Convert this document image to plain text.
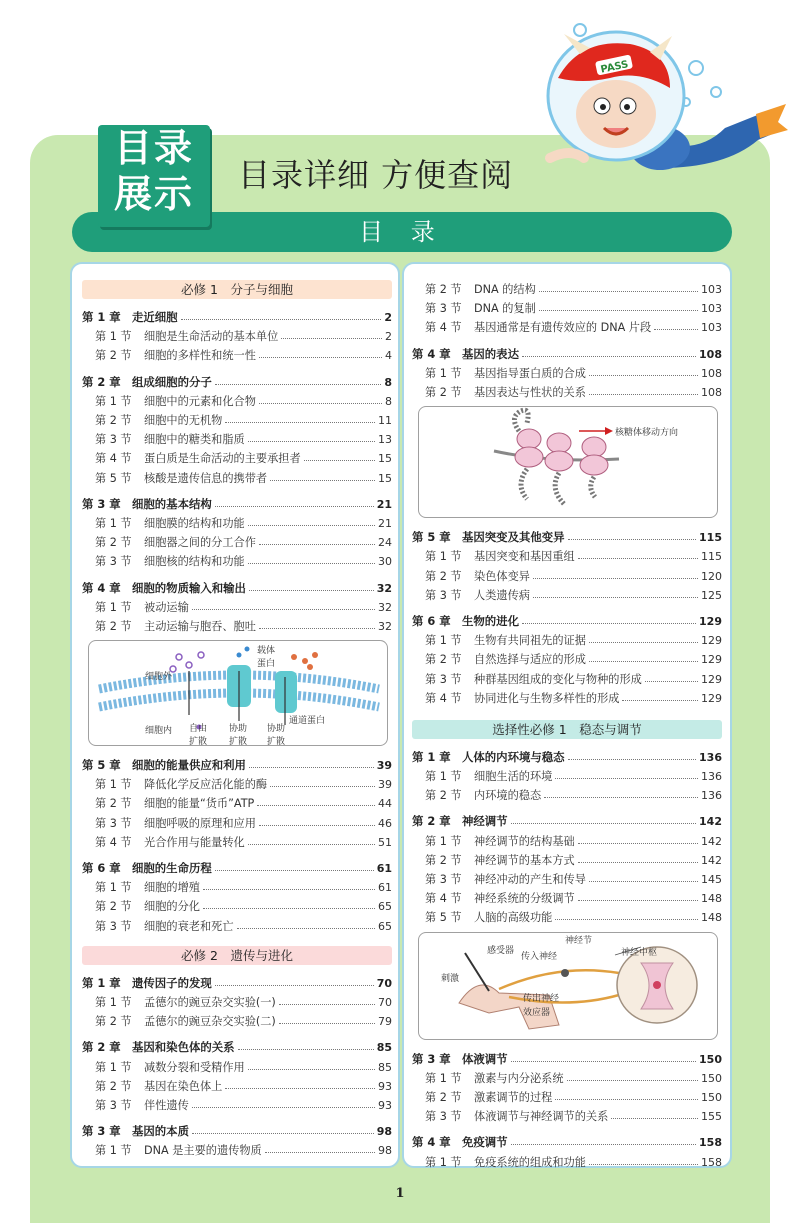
目录
展示	目录详细 方便查阅
PASS
目 录
必修 1　分子与细胞
第 1 章 走近细胞	2
第 1 节	细胞是生命活动的基本单位	2
第 2 节	细胞的多样性和统一性	4
第 2 章 组成细胞的分子	8
第 1 节	细胞中的元素和化合物	8
第 2 节	细胞中的无机物	11
第 3 节	细胞中的糖类和脂质	13
第 4 节	蛋白质是生命活动的主要承担者	15
第 5 节	核酸是遗传信息的携带者	15
第 3 章 细胞的基本结构	21
第 1 节	细胞膜的结构和功能	21
第 2 节	细胞器之间的分工合作	24
第 3 节	细胞核的结构和功能	30
第 4 章 细胞的物质输入和输出	32
第 1 节	被动运输	32
第 2 节	主动运输与胞吞、胞吐	32
细胞外
细胞内
载体
蛋白
通道蛋白
自由
扩散
协助
扩散
协助
扩散
第 5 章 细胞的能量供应和利用	39
第 1 节	降低化学反应活化能的酶	39
第 2 节	细胞的能量“货币”ATP	44
第 3 节	细胞呼吸的原理和应用	46
第 4 节	光合作用与能量转化	51
第 6 章 细胞的生命历程	61
第 1 节	细胞的增殖	61
第 2 节	细胞的分化	65
第 3 节	细胞的衰老和死亡	65
必修 2　遗传与进化
第 1 章 遗传因子的发现	70
第 1 节	孟德尔的豌豆杂交实验(一)	70
第 2 节	孟德尔的豌豆杂交实验(二)	79
第 2 章 基因和染色体的关系	85
第 1 节	减数分裂和受精作用	85
第 2 节	基因在染色体上	93
第 3 节	伴性遗传	93
第 3 章 基因的本质	98
第 1 节	DNA 是主要的遗传物质	98
第 2 节	DNA 的结构	103
第 3 节	DNA 的复制	103
第 4 节	基因通常是有遗传效应的 DNA 片段	103
第 4 章 基因的表达	108
第 1 节	基因指导蛋白质的合成	108
第 2 节	基因表达与性状的关系	108
核糖体移动方向
第 5 章 基因突变及其他变异	115
第 1 节	基因突变和基因重组	115
第 2 节	染色体变异	120
第 3 节	人类遗传病	125
第 6 章 生物的进化	129
第 1 节	生物有共同祖先的证据	129
第 2 节	自然选择与适应的形成	129
第 3 节	种群基因组成的变化与物种的形成	129
第 4 节	协同进化与生物多样性的形成	129
选择性必修 1　稳态与调节
第 1 章 人体的内环境与稳态	136
第 1 节	细胞生活的环境	136
第 2 节	内环境的稳态	136
第 2 章 神经调节	142
第 1 节	神经调节的结构基础	142
第 2 节	神经调节的基本方式	142
第 3 节	神经冲动的产生和传导	145
第 4 节	神经系统的分级调节	148
第 5 节	人脑的高级功能	148
感受器
传入神经
神经节
神经中枢
刺激
传出神经
效应器
第 3 章 体液调节	150
第 1 节	激素与内分泌系统	150
第 2 节	激素调节的过程	150
第 3 节	体液调节与神经调节的关系	155
第 4 章 免疫调节	158
第 1 节	免疫系统的组成和功能	158
1
